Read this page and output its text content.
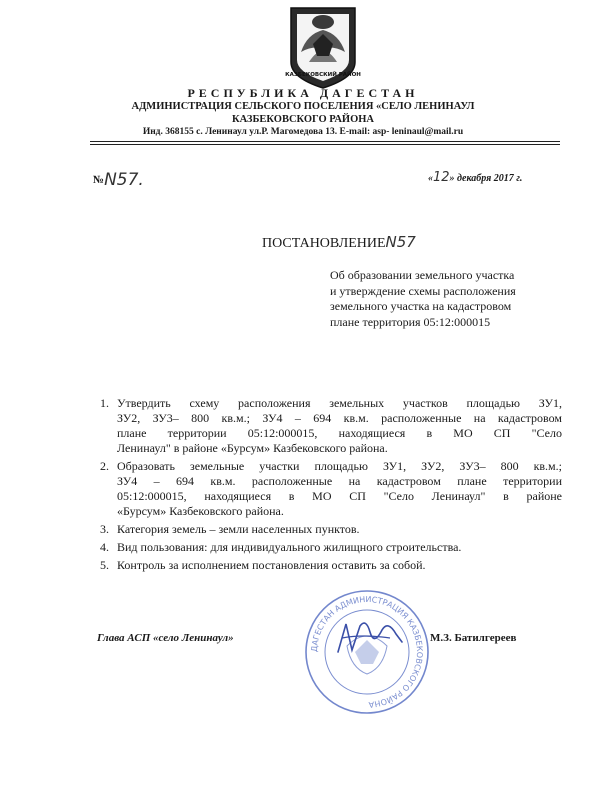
КАЗБЕКОВСКИЙ РАЙОН
РЕСПУБЛИКА ДАГЕСТАН
АДМИНИСТРАЦИЯ СЕЛЬСКОГО ПОСЕЛЕНИЯ «СЕЛО ЛЕНИНАУЛ
КАЗБЕКОВСКОГО РАЙОНА
Инд. 368155 с. Ленинаул ул.Р. Магомедова 13. E-mail: asp- leninaul@mail.ru
№N57.	«12» декабря 2017 г.
ПОСТАНОВЛЕНИЕN57
Об образовании земельного участка
и утверждение схемы расположения
земельного участка на кадастровом
плане территория 05:12:000015
1. Утвердить схему расположения земельных участков площадью ЗУ1,
ЗУ2, ЗУ3– 800 кв.м.; ЗУ4 – 694 кв.м. расположенные на кадастровом
плане территории 05:12:000015, находящиеся в МО СП "Село
Ленинаул" в районе «Бурсум» Казбековского района.
2. Образовать земельные участки площадью ЗУ1, ЗУ2, ЗУ3– 800 кв.м.;
ЗУ4 – 694 кв.м. расположенные на кадастровом плане территории
05:12:000015, находящиеся в МО СП "Село Ленинаул" в районе
«Бурсум» Казбековского района.
3. Категория земель – земли населенных пунктов.
4. Вид пользования: для индивидуального жилищного строительства.
5. Контроль за исполнением постановления оставить за собой.
ДАГЕСТАН АДМИНИСТРАЦИЯ КАЗБЕКОВСКОГО РАЙОНА
Глава АСП «село Ленинаул»	М.З. Батилгереев
